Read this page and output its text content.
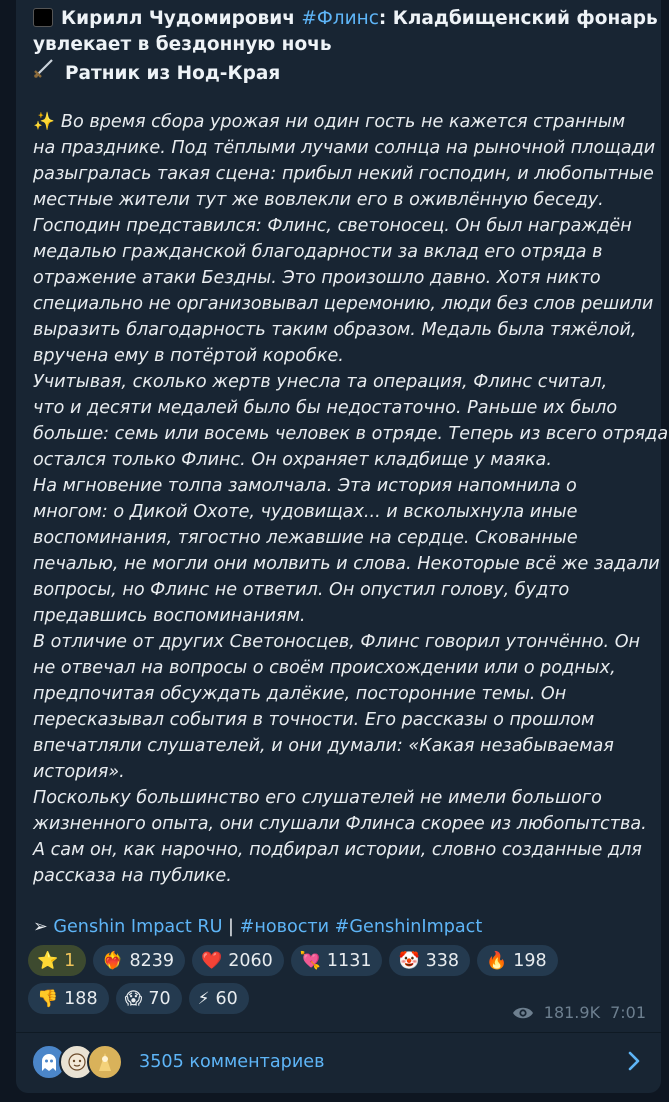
Кирилл Чудомирович #Флинс: Кладбищенский фонарь
увлекает в бездонную ночь
Ратник из Нод-Края
✨ Во время сбора урожая ни один гость не кажется странным
на празднике. Под тёплыми лучами солнца на рыночной площади
разыгралась такая сцена: прибыл некий господин, и любопытные
местные жители тут же вовлекли его в оживлённую беседу.
Господин представился: Флинс, светоносец. Он был награждён
медалью гражданской благодарности за вклад его отряда в
отражение атаки Бездны. Это произошло давно. Хотя никто
специально не организовывал церемонию, люди без слов решили
выразить благодарность таким образом. Медаль была тяжёлой,
вручена ему в потёртой коробке.
Учитывая, сколько жертв унесла та операция, Флинс считал,
что и десяти медалей было бы недостаточно. Раньше их было
больше: семь или восемь человек в отряде. Теперь из всего отряда
остался только Флинс. Он охраняет кладбище у маяка.
На мгновение толпа замолчала. Эта история напомнила о
многом: о Дикой Охоте, чудовищах... и всколыхнула иные
воспоминания, тягостно лежавшие на сердце. Скованные
печалью, не могли они молвить и слова. Некоторые всё же задали
вопросы, но Флинс не ответил. Он опустил голову, будто
предавшись воспоминаниям.
В отличие от других Светоносцев, Флинс говорил утончённо. Он
не отвечал на вопросы о своём происхождении или о родных,
предпочитая обсуждать далёкие, посторонние темы. Он
пересказывал события в точности. Его рассказы о прошлом
впечатляли слушателей, и они думали: «Какая незабываемая
история».
Поскольку большинство его слушателей не имели большого
жизненного опыта, они слушали Флинса скорее из любопытства.
А сам он, как нарочно, подбирал истории, словно созданные для
рассказа на публике.
➢ Genshin Impact RU | #новости #GenshinImpact
⭐ 1 ❤️‍🔥 8239 ❤️ 2060 💘 1131 🤡 338 🔥 198
👎 188 😱 70 ⚡ 60
181.9K 7:01
3505 комментариев
